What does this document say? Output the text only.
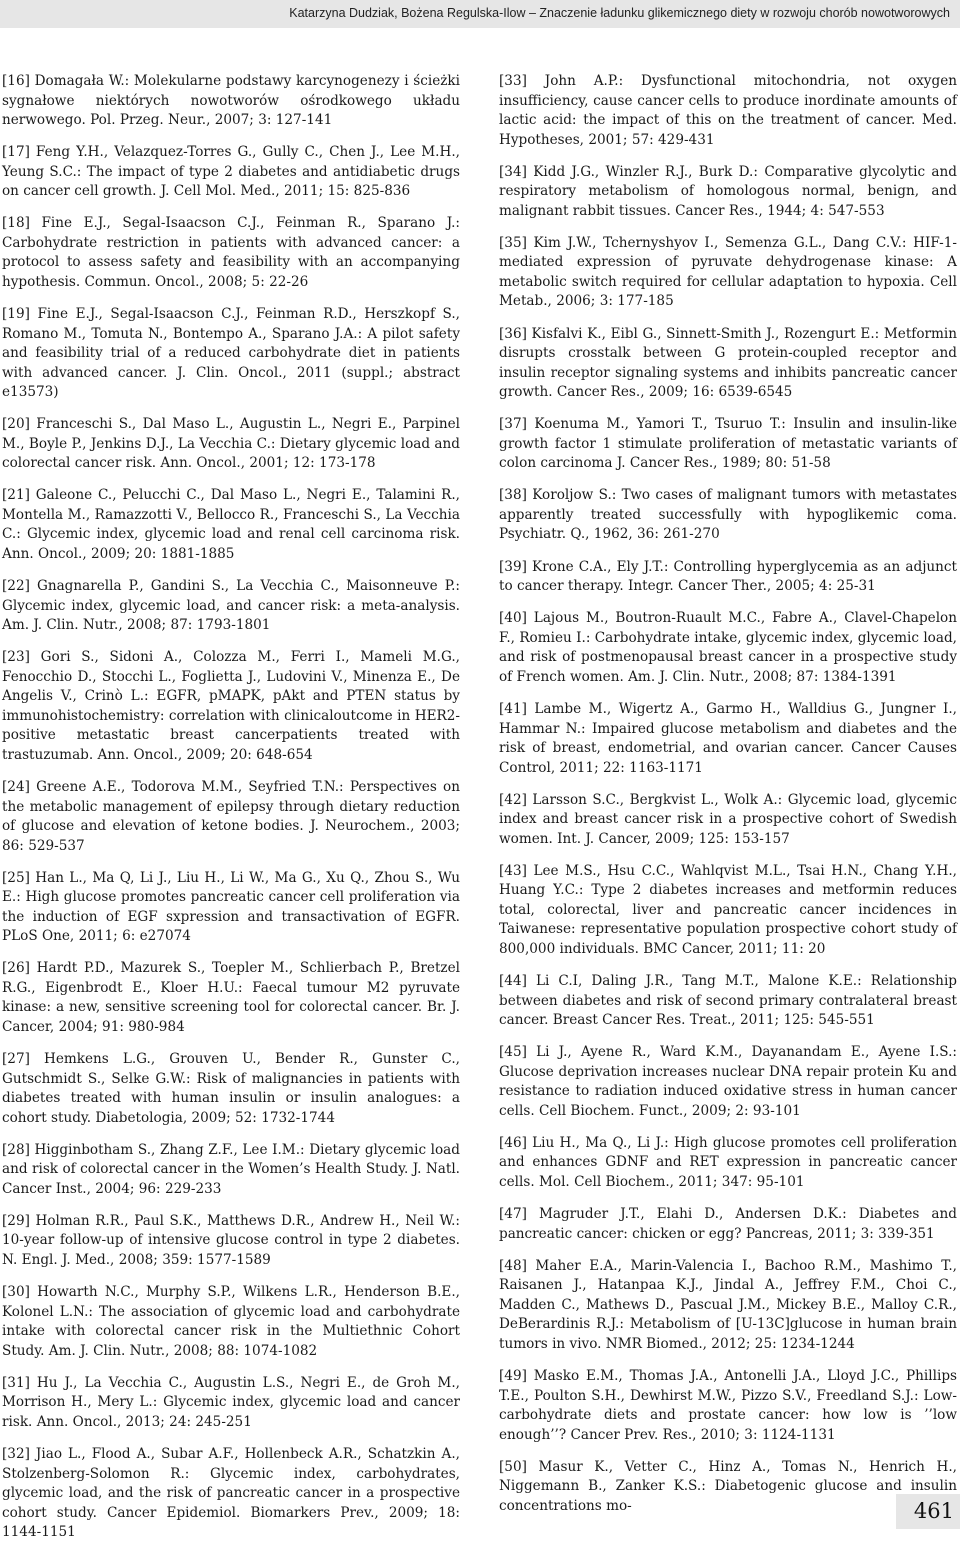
Katarzyna Dudziak, Bożena Regulska-Ilow – Znaczenie ładunku glikemicznego diety w rozwoju chorób nowotworowych

[16] Domagała W.: Molekularne podstawy karcynogenezy i ścieżki sygnałowe niektórych nowotworów ośrodkowego układu nerwowego. Pol. Przeg. Neur., 2007; 3: 127-141

[17] Feng Y.H., Velazquez-Torres G., Gully C., Chen J., Lee M.H., Yeung S.C.: The impact of type 2 diabetes and antidiabetic drugs on cancer cell growth. J. Cell Mol. Med., 2011; 15: 825-836

[18] Fine E.J., Segal-Isaacson C.J., Feinman R., Sparano J.: Carbohydrate restriction in patients with advanced cancer: a protocol to assess safety and feasibility with an accompanying hypothesis. Commun. Oncol., 2008; 5: 22-26

[19] Fine E.J., Segal-Isaacson C.J., Feinman R.D., Herszkopf S., Romano M., Tomuta N., Bontempo A., Sparano J.A.: A pilot safety and feasibility trial of a reduced carbohydrate diet in patients with advanced cancer. J. Clin. Oncol., 2011 (suppl.; abstract e13573)

[20] Franceschi S., Dal Maso L., Augustin L., Negri E., Parpinel M., Boyle P., Jenkins D.J., La Vecchia C.: Dietary glycemic load and colorectal cancer risk. Ann. Oncol., 2001; 12: 173-178

[21] Galeone C., Pelucchi C., Dal Maso L., Negri E., Talamini R., Montella M., Ramazzotti V., Bellocco R., Franceschi S., La Vecchia C.: Glycemic index, glycemic load and renal cell carcinoma risk. Ann. Oncol., 2009; 20: 1881-1885

[22] Gnagnarella P., Gandini S., La Vecchia C., Maisonneuve P.: Glycemic index, glycemic load, and cancer risk: a meta-analysis. Am. J. Clin. Nutr., 2008; 87: 1793-1801

[23] Gori S., Sidoni A., Colozza M., Ferri I., Mameli M.G., Fenocchio D., Stocchi L., Foglietta J., Ludovini V., Minenza E., De Angelis V., Crinò L.: EGFR, pMAPK, pAkt and PTEN status by immunohistochemistry: correlation with clinicaloutcome in HER2-positive metastatic breast cancerpatients treated with trastuzumab. Ann. Oncol., 2009; 20: 648-654

[24] Greene A.E., Todorova M.M., Seyfried T.N.: Perspectives on the metabolic management of epilepsy through dietary reduction of glucose and elevation of ketone bodies. J. Neurochem., 2003; 86: 529-537

[25] Han L., Ma Q, Li J., Liu H., Li W., Ma G., Xu Q., Zhou S., Wu E.: High glucose promotes pancreatic cancer cell proliferation via the induction of EGF sxpression and transactivation of EGFR. PLoS One, 2011; 6: e27074

[26] Hardt P.D., Mazurek S., Toepler M., Schlierbach P., Bretzel R.G., Eigenbrodt E., Kloer H.U.: Faecal tumour M2 pyruvate kinase: a new, sensitive screening tool for colorectal cancer. Br. J. Cancer, 2004; 91: 980-984

[27] Hemkens L.G., Grouven U., Bender R., Gunster C., Gutschmidt S., Selke G.W.: Risk of malignancies in patients with diabetes treated with human insulin or insulin analogues: a cohort study. Diabetologia, 2009; 52: 1732-1744

[28] Higginbotham S., Zhang Z.F., Lee I.M.: Dietary glycemic load and risk of colorectal cancer in the Women’s Health Study. J. Natl. Cancer Inst., 2004; 96: 229-233

[29] Holman R.R., Paul S.K., Matthews D.R., Andrew H., Neil W.: 10-year follow-up of intensive glucose control in type 2 diabetes. N. Engl. J. Med., 2008; 359: 1577-1589

[30] Howarth N.C., Murphy S.P., Wilkens L.R., Henderson B.E., Kolonel L.N.: The association of glycemic load and carbohydrate intake with colorectal cancer risk in the Multiethnic Cohort Study. Am. J. Clin. Nutr., 2008; 88: 1074-1082

[31] Hu J., La Vecchia C., Augustin L.S., Negri E., de Groh M., Morrison H., Mery L.: Glycemic index, glycemic load and cancer risk. Ann. Oncol., 2013; 24: 245-251

[32] Jiao L., Flood A., Subar A.F., Hollenbeck A.R., Schatzkin A., Stolzenberg-Solomon R.: Glycemic index, carbohydrates, glycemic load, and the risk of pancreatic cancer in a prospective cohort study. Cancer Epidemiol. Biomarkers Prev., 2009; 18: 1144-1151

[33] John A.P.: Dysfunctional mitochondria, not oxygen insufficiency, cause cancer cells to produce inordinate amounts of lactic acid: the impact of this on the treatment of cancer. Med. Hypotheses, 2001; 57: 429-431

[34] Kidd J.G., Winzler R.J., Burk D.: Comparative glycolytic and respiratory metabolism of homologous normal, benign, and malignant rabbit tissues. Cancer Res., 1944; 4: 547-553

[35] Kim J.W., Tchernyshyov I., Semenza G.L., Dang C.V.: HIF-1-mediated expression of pyruvate dehydrogenase kinase: A metabolic switch required for cellular adaptation to hypoxia. Cell Metab., 2006; 3: 177-185

[36] Kisfalvi K., Eibl G., Sinnett-Smith J., Rozengurt E.: Metformin disrupts crosstalk between G protein-coupled receptor and insulin receptor signaling systems and inhibits pancreatic cancer growth. Cancer Res., 2009; 16: 6539-6545

[37] Koenuma M., Yamori T., Tsuruo T.: Insulin and insulin-like growth factor 1 stimulate proliferation of metastatic variants of colon carcinoma J. Cancer Res., 1989; 80: 51-58

[38] Koroljow S.: Two cases of malignant tumors with metastates apparently treated successfully with hypoglikemic coma. Psychiatr. Q., 1962, 36: 261-270

[39] Krone C.A., Ely J.T.: Controlling hyperglycemia as an adjunct to cancer therapy. Integr. Cancer Ther., 2005; 4: 25-31

[40] Lajous M., Boutron-Ruault M.C., Fabre A., Clavel-Chapelon F., Romieu I.: Carbohydrate intake, glycemic index, glycemic load, and risk of postmenopausal breast cancer in a prospective study of French women. Am. J. Clin. Nutr., 2008; 87: 1384-1391

[41] Lambe M., Wigertz A., Garmo H., Walldius G., Jungner I., Hammar N.: Impaired glucose metabolism and diabetes and the risk of breast, endometrial, and ovarian cancer. Cancer Causes Control, 2011; 22: 1163-1171

[42] Larsson S.C., Bergkvist L., Wolk A.: Glycemic load, glycemic index and breast cancer risk in a prospective cohort of Swedish women. Int. J. Cancer, 2009; 125: 153-157

[43] Lee M.S., Hsu C.C., Wahlqvist M.L., Tsai H.N., Chang Y.H., Huang Y.C.: Type 2 diabetes increases and metformin reduces total, colorectal, liver and pancreatic cancer incidences in Taiwanese: representative population prospective cohort study of 800,000 individuals. BMC Cancer, 2011; 11: 20

[44] Li C.I, Daling J.R., Tang M.T., Malone K.E.: Relationship between diabetes and risk of second primary contralateral breast cancer. Breast Cancer Res. Treat., 2011; 125: 545-551

[45] Li J., Ayene R., Ward K.M., Dayanandam E., Ayene I.S.: Glucose deprivation increases nuclear DNA repair protein Ku and resistance to radiation induced oxidative stress in human cancer cells. Cell Biochem. Funct., 2009; 2: 93-101

[46] Liu H., Ma Q., Li J.: High glucose promotes cell proliferation and enhances GDNF and RET expression in pancreatic cancer cells. Mol. Cell Biochem., 2011; 347: 95-101

[47] Magruder J.T., Elahi D., Andersen D.K.: Diabetes and pancreatic cancer: chicken or egg? Pancreas, 2011; 3: 339-351

[48] Maher E.A., Marin-Valencia I., Bachoo R.M., Mashimo T., Raisanen J., Hatanpaa K.J., Jindal A., Jeffrey F.M., Choi C., Madden C., Mathews D., Pascual J.M., Mickey B.E., Malloy C.R., DeBerardinis R.J.: Metabolism of [U-13C]glucose in human brain tumors in vivo. NMR Biomed., 2012; 25: 1234-1244

[49] Masko E.M., Thomas J.A., Antonelli J.A., Lloyd J.C., Phillips T.E., Poulton S.H., Dewhirst M.W., Pizzo S.V., Freedland S.J.: Low-carbohydrate diets and prostate cancer: how low is ’’low enough’’? Cancer Prev. Res., 2010; 3: 1124-1131

[50] Masur K., Vetter C., Hinz A., Tomas N., Henrich H., Niggemann B., Zanker K.S.: Diabetogenic glucose and insulin concentrations mo-	461
